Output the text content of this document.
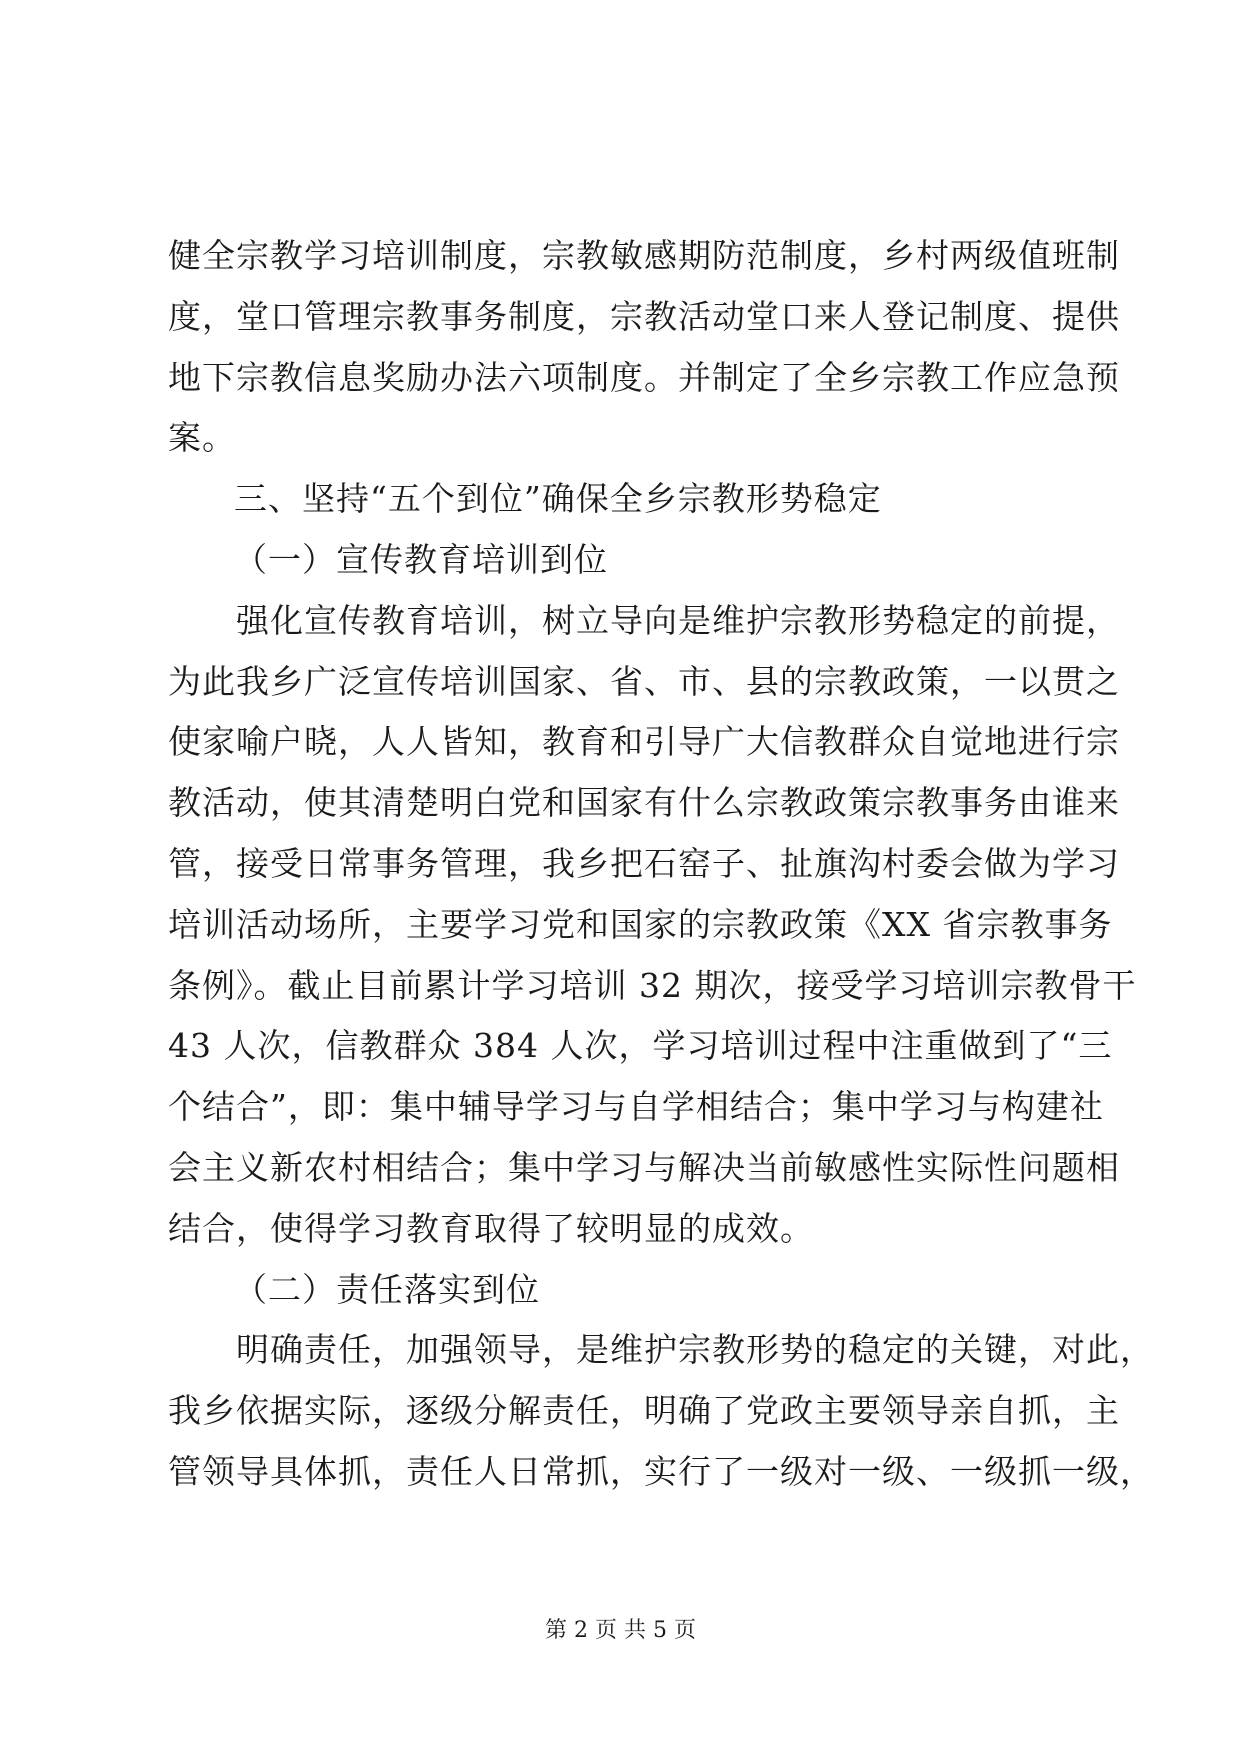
健全宗教学习培训制度，宗教敏感期防范制度，乡村两级值班制
度，堂口管理宗教事务制度，宗教活动堂口来人登记制度、提供
地下宗教信息奖励办法六项制度。并制定了全乡宗教工作应急预
案。
三、坚持“五个到位”确保全乡宗教形势稳定
（一）宣传教育培训到位
　　强化宣传教育培训，树立导向是维护宗教形势稳定的前提，
为此我乡广泛宣传培训国家、省、市、县的宗教政策，一以贯之
使家喻户晓，人人皆知，教育和引导广大信教群众自觉地进行宗
教活动，使其清楚明白党和国家有什么宗教政策宗教事务由谁来
管，接受日常事务管理，我乡把石窑子、扯旗沟村委会做为学习
培训活动场所，主要学习党和国家的宗教政策《XX 省宗教事务
条例》。截止目前累计学习培训 32 期次，接受学习培训宗教骨干
43 人次，信教群众 384 人次，学习培训过程中注重做到了“三
个结合”，即：集中辅导学习与自学相结合；集中学习与构建社
会主义新农村相结合；集中学习与解决当前敏感性实际性问题相
结合，使得学习教育取得了较明显的成效。
（二）责任落实到位
　　明确责任，加强领导，是维护宗教形势的稳定的关键，对此，
我乡依据实际，逐级分解责任，明确了党政主要领导亲自抓，主
管领导具体抓，责任人日常抓，实行了一级对一级、一级抓一级，
第 2 页 共 5 页
